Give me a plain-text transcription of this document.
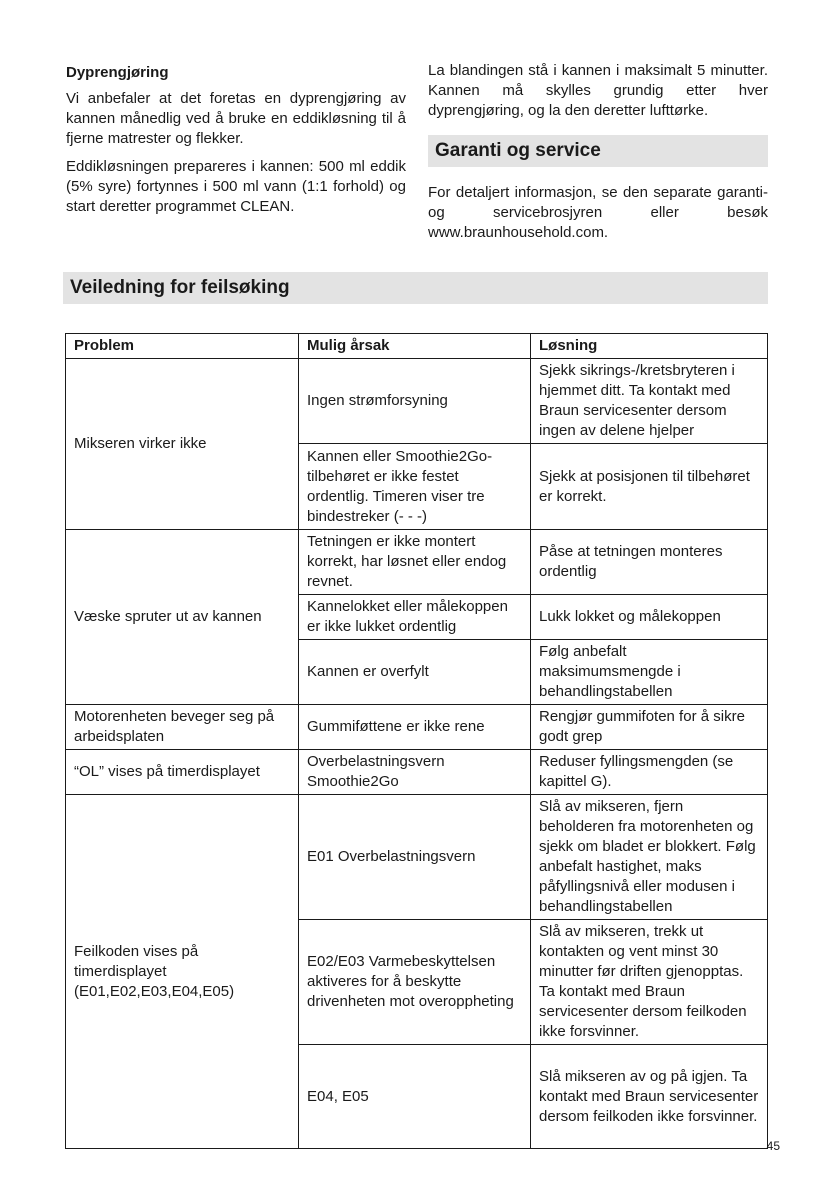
Dyprengjøring

Vi anbefaler at det foretas en dyprengjøring av kannen månedlig ved å bruke en eddikløsning til å fjerne matrester og flekker.

Eddikløsningen prepareres i kannen: 500 ml eddik (5% syre) fortynnes i 500 ml vann (1:1 forhold) og start deretter programmet CLEAN.

La blandingen stå i kannen i maksimalt 5 minutter. Kannen må skylles grundig etter hver dyprengjøring, og la den deretter lufttørke.

Garanti og service

For detaljert informasjon, se den separate garanti- og servicebrosjyren eller besøk www.braunhousehold.com.

Veiledning for feilsøking
Problem	Mulig årsak	Løsning
Mikseren virker ikke	Ingen strømforsyning	Sjekk sikrings-/kretsbryteren i hjemmet ditt. Ta kontakt med Braun servicesenter dersom ingen av delene hjelper
	Kannen eller Smoothie2Go-tilbehøret er ikke festet ordentlig. Timeren viser tre bindestreker (- - -)	Sjekk at posisjonen til tilbehøret er korrekt.
Væske spruter ut av kannen	Tetningen er ikke montert korrekt, har løsnet eller endog revnet.	Påse at tetningen monteres ordentlig
	Kannelokket eller målekoppen er ikke lukket ordentlig	Lukk lokket og målekoppen
	Kannen er overfylt	Følg anbefalt maksimumsmengde i behandlingstabellen
Motorenheten beveger seg på arbeidsplaten	Gummiføttene er ikke rene	Rengjør gummifoten for å sikre godt grep
“OL” vises på timerdisplayet	Overbelastningsvern Smoothie2Go	Reduser fyllingsmengden (se kapittel G).
Feilkoden vises på timerdisplayet (E01,E02,E03,E04,E05)	E01 Overbelastningsvern	Slå av mikseren, fjern beholderen fra motorenheten og sjekk om bladet er blokkert. Følg anbefalt hastighet, maks påfyllingsnivå eller modusen i behandlingstabellen
	E02/E03 Varmebeskyttelsen aktiveres for å beskytte drivenheten mot overoppheting	Slå av mikseren, trekk ut kontakten og vent minst 30 minutter før driften gjenopptas. Ta kontakt med Braun servicesenter dersom feilkoden ikke forsvinner.
	E04, E05	Slå mikseren av og på igjen. Ta kontakt med Braun servicesenter dersom feilkoden ikke forsvinner.
45
